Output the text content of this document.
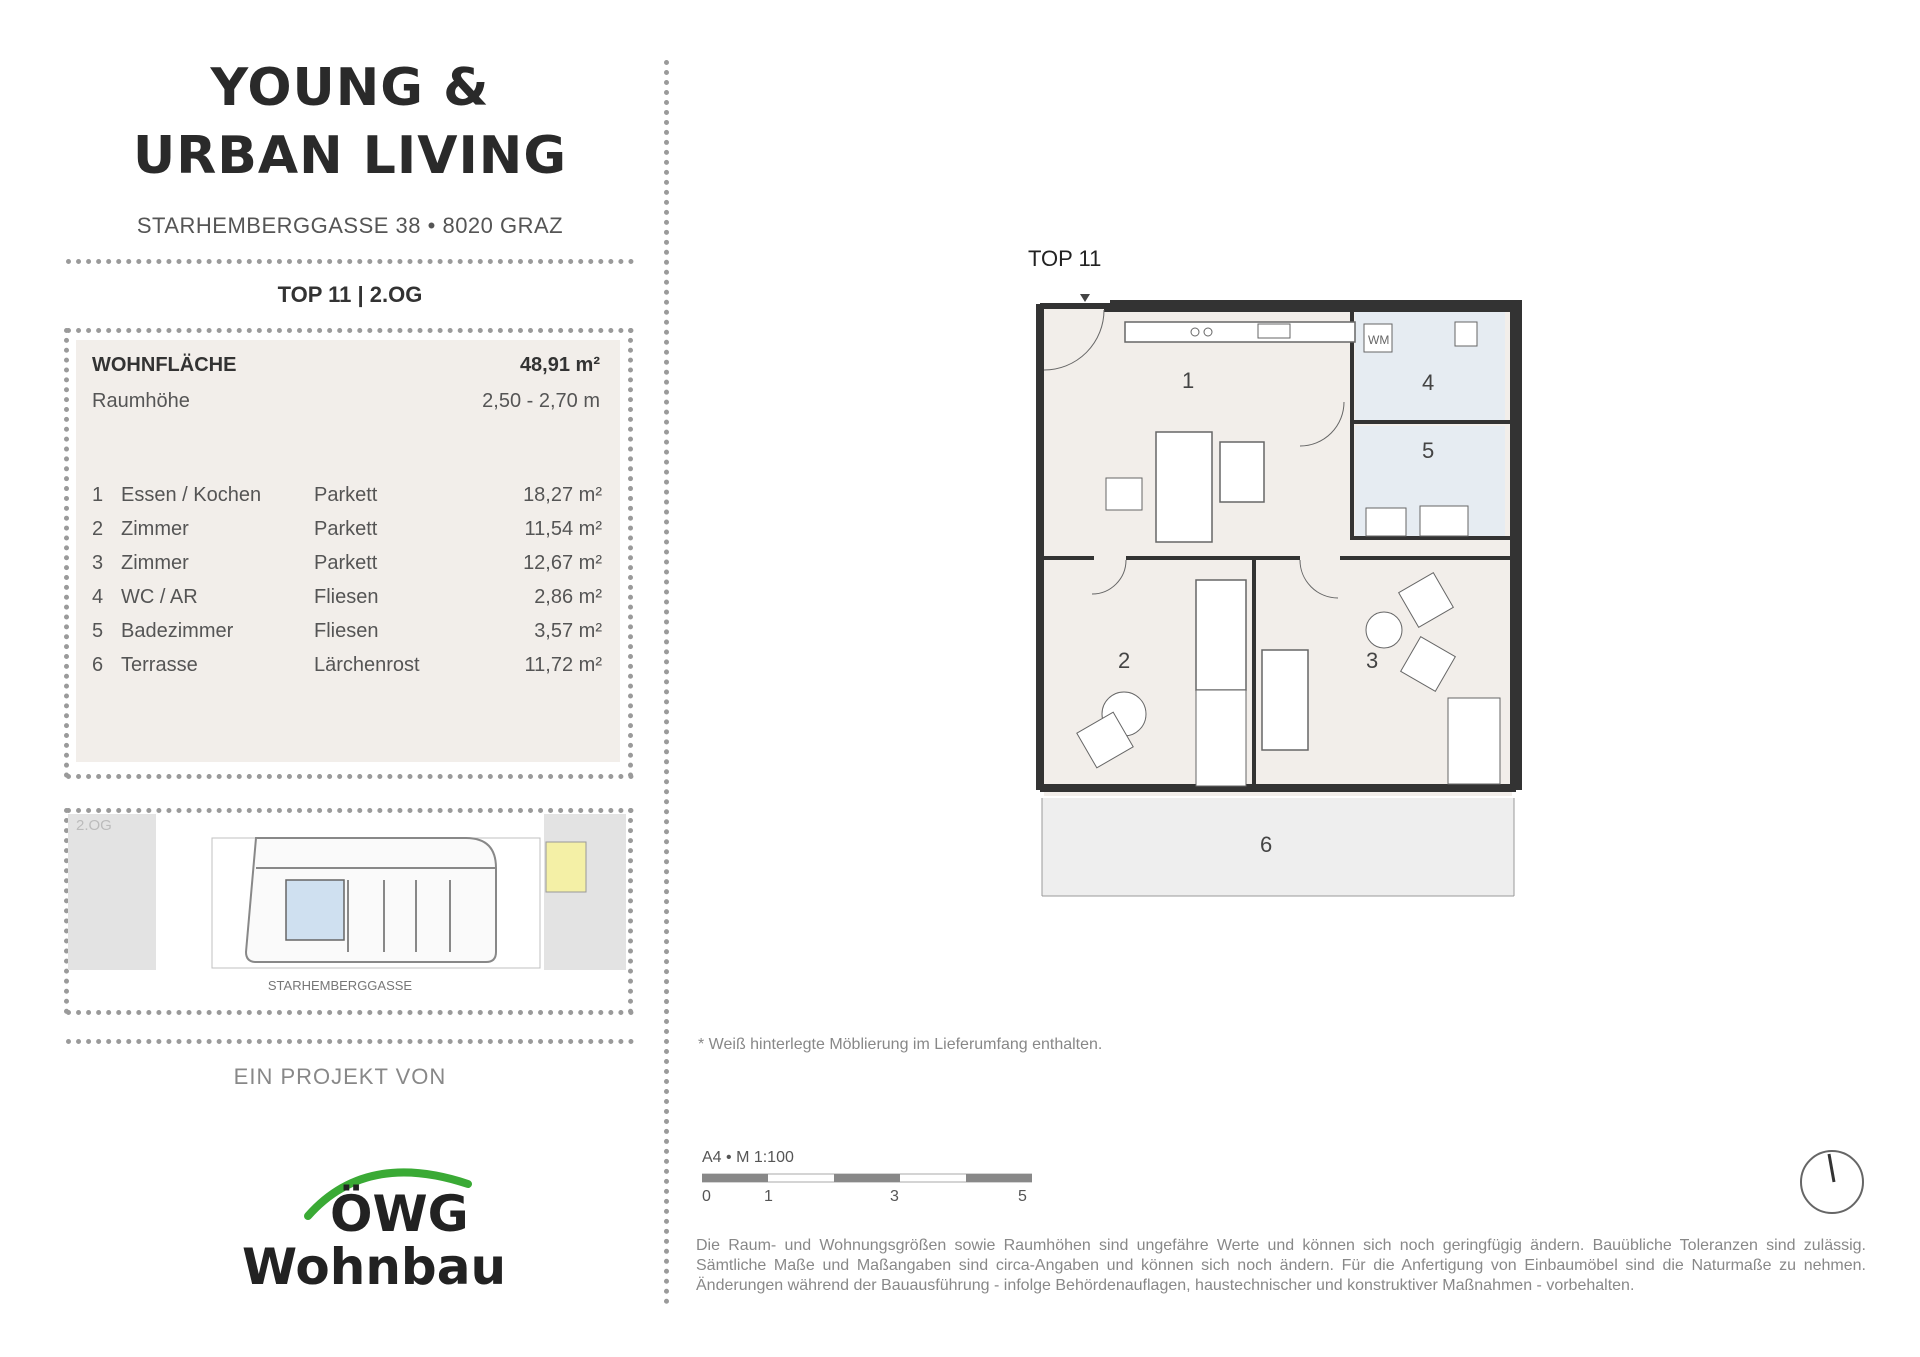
YOUNG &
URBAN LIVING
STARHEMBERGGASSE 38 • 8020 GRAZ
TOP 11 | 2.OG
WOHNFLÄCHE	48,91 m²
Raumhöhe	2,50 - 2,70 m
1 Essen / Kochen	Parkett	18,27 m²
2 Zimmer	Parkett	11,54 m²
3 Zimmer	Parkett	12,67 m²
4 WC / AR	Fliesen	2,86 m²
5 Badezimmer	Fliesen	3,57 m²
6 Terrasse	Lärchenrost	11,72 m²
2.OG
STARHEMBERGGASSE
EIN PROJEKT VON
ÖWG
Wohnbau
TOP 11
WM
1
2	3
4
5
6
* Weiß hinterlegte Möblierung im Lieferumfang enthalten.
A4 • M 1:100
0	1	3	5
Die Raum- und Wohnungsgrößen sowie Raumhöhen sind ungefähre Werte und können sich noch geringfügig ändern. Bauübliche Toleranzen sind zulässig. Sämtliche Maße und Maßangaben sind circa-Angaben und können sich noch ändern. Für die Anfertigung von Einbaumöbel sind die Naturmaße zu nehmen. Änderungen während der Bauausführung - infolge Behördenauflagen, haustechnischer und konstruktiver Maßnahmen - vorbehalten.
